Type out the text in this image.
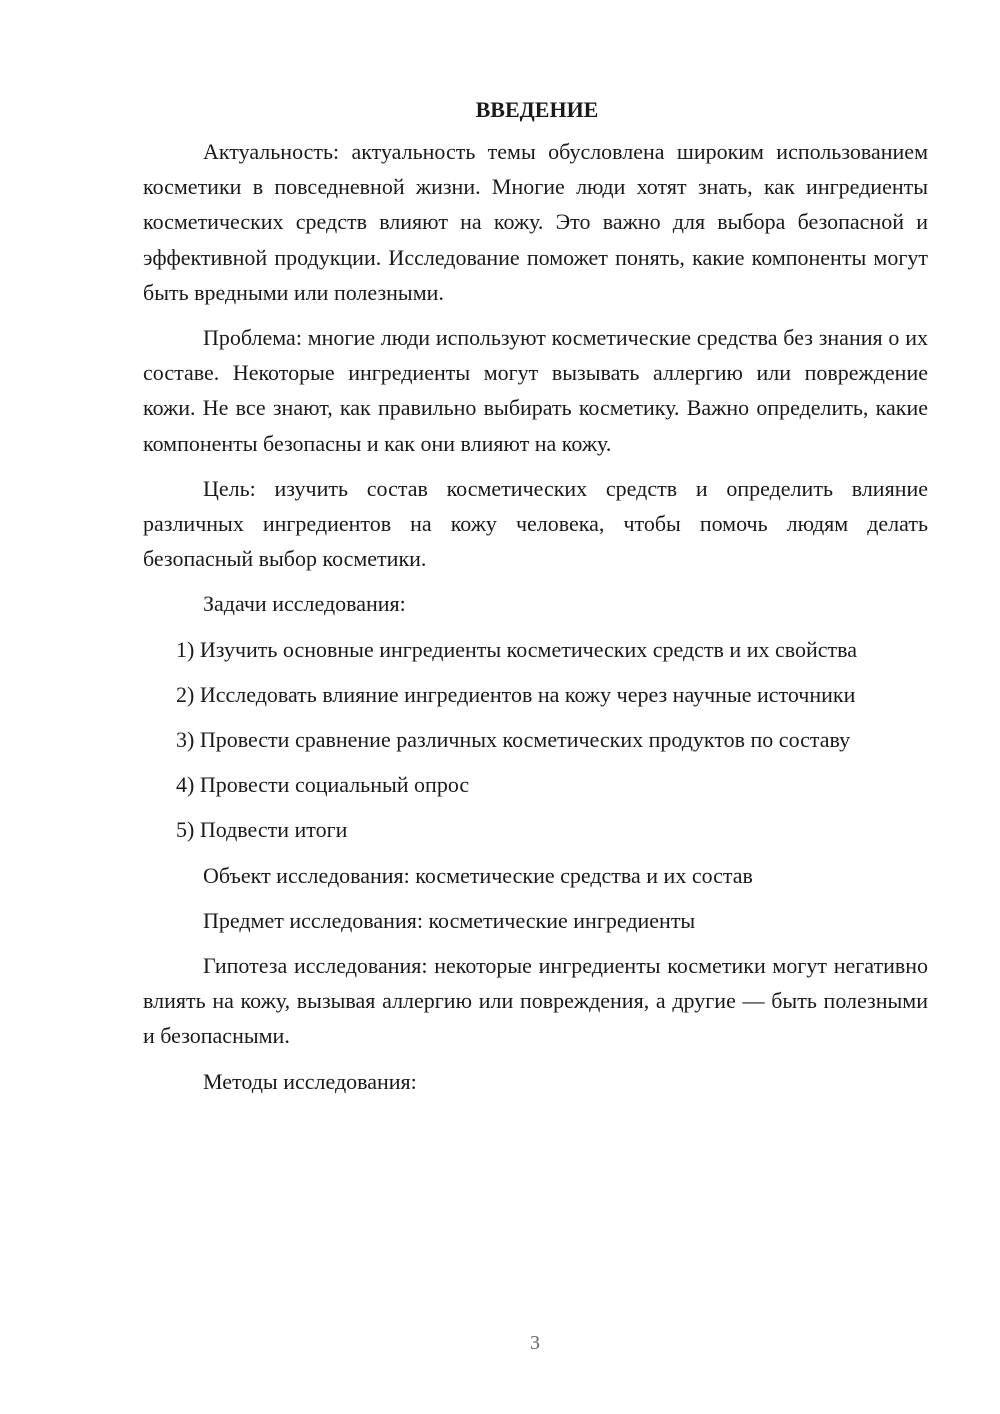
ВВЕДЕНИЕ

Актуальность: актуальность темы обусловлена широким использованием косметики в повседневной жизни. Многие люди хотят знать, как ингредиенты косметических средств влияют на кожу. Это важно для выбора безопасной и эффективной продукции. Исследование поможет понять, какие компоненты могут быть вредными или полезными.

Проблема: многие люди используют косметические средства без знания о их составе. Некоторые ингредиенты могут вызывать аллергию или повреждение кожи. Не все знают, как правильно выбирать косметику. Важно определить, какие компоненты безопасны и как они влияют на кожу.

Цель: изучить состав косметических средств и определить влияние различных ингредиентов на кожу человека, чтобы помочь людям делать безопасный выбор косметики.

Задачи исследования:

1) Изучить основные ингредиенты косметических средств и их свойства

2) Исследовать влияние ингредиентов на кожу через научные источники

3) Провести сравнение различных косметических продуктов по составу

4) Провести социальный опрос

5) Подвести итоги

Объект исследования: косметические средства и их состав

Предмет исследования: косметические ингредиенты

Гипотеза исследования: некоторые ингредиенты косметики могут негативно влиять на кожу, вызывая аллергию или повреждения, а другие — быть полезными и безопасными.

Методы исследования:

3
